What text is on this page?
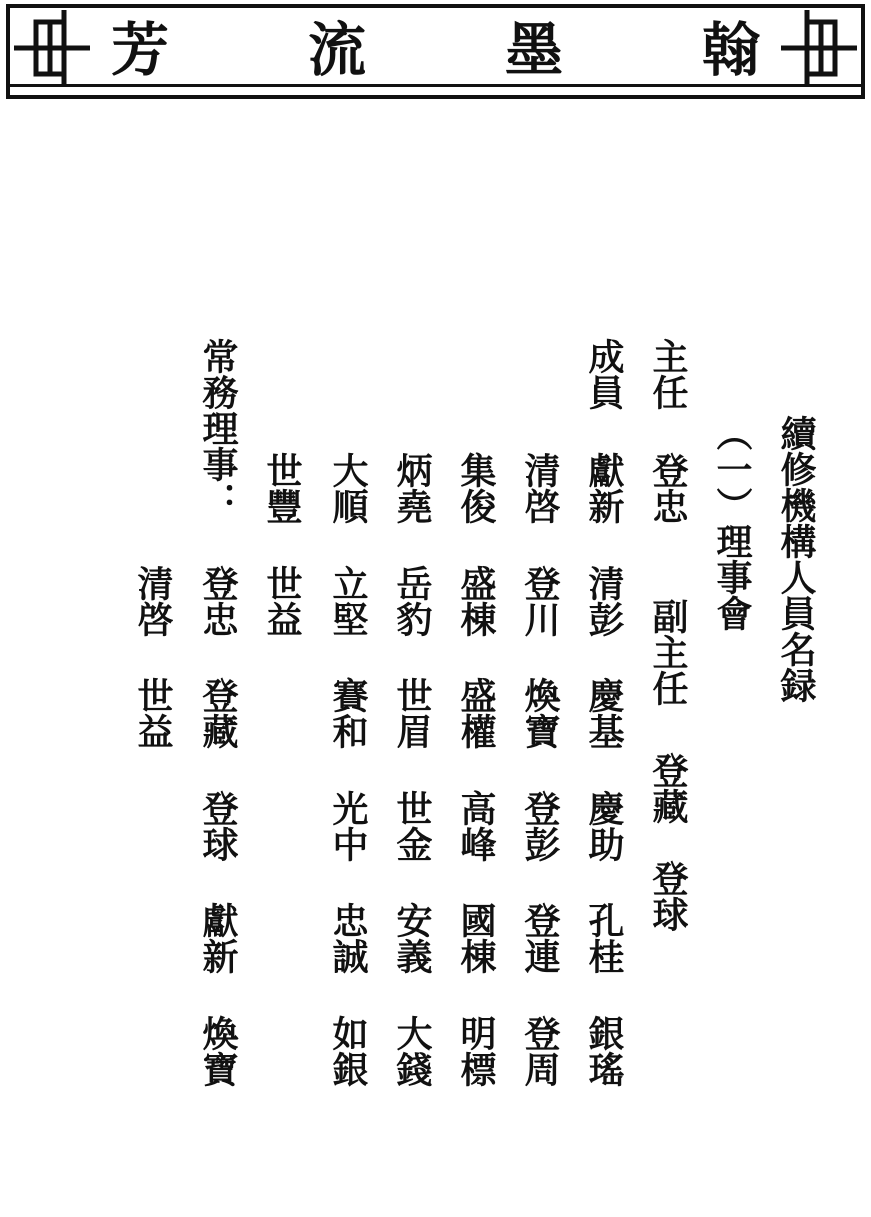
芳 流 墨 翰
續修機構人員名録
（一）理事會
主任
登忠
副主任
登藏
登球
成員
獻新
清彭
慶基
慶助
孔桂
銀瑤
清啓
登川
煥寶
登彭
登連
登周
集俊
盛棟
盛權
高峰
國棟
明標
炳堯
岳豹
世眉
世金
安義
大錢
大順
立堅
賽和
光中
忠誠
如銀
世豐
世益
常務理事：
登忠
登藏
登球
獻新
煥寶
清啓
世益
